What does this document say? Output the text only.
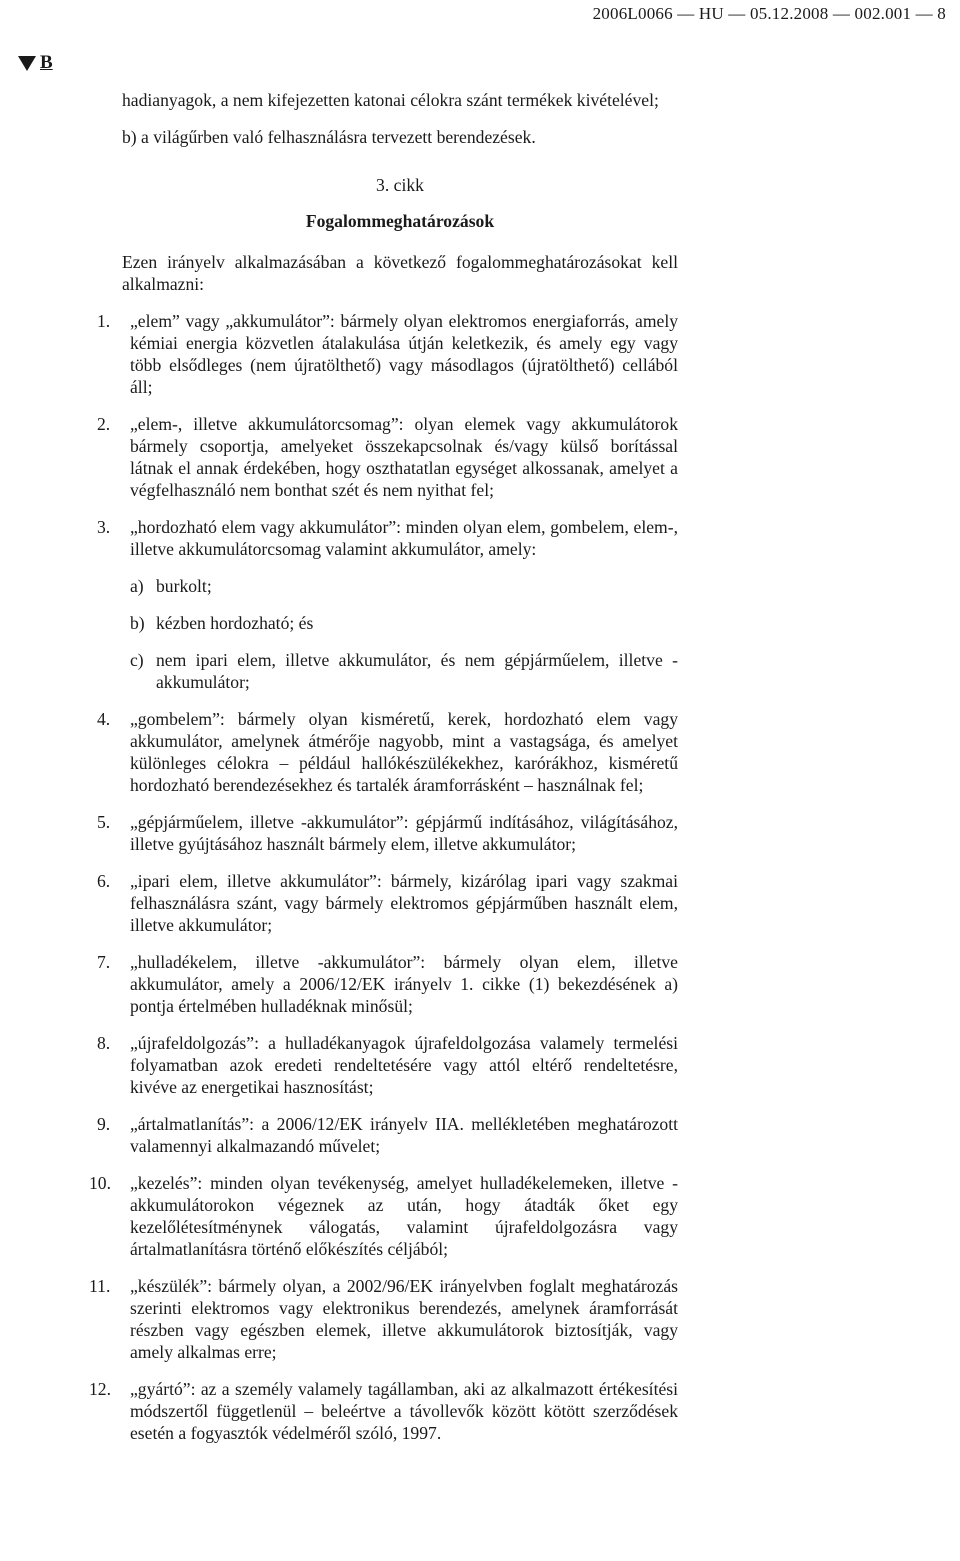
2006L0066 — HU — 05.12.2008 — 002.001 — 8
B

hadianyagok, a nem kifejezetten katonai célokra szánt termékek kivételével;

b) a világűrben való felhasználásra tervezett berendezések.

3. cikk

Fogalommeghatározások

Ezen irányelv alkalmazásában a következő fogalommeghatározásokat kell alkalmazni:

1.	„elem” vagy „akkumulátor”: bármely olyan elektromos energiaforrás, amely kémiai energia közvetlen átalakulása útján keletkezik, és amely egy vagy több elsődleges (nem újratölthető) vagy másodlagos (újratölthető) cellából áll;
2.	„elem-, illetve akkumulátorcsomag”: olyan elemek vagy akkumulátorok bármely csoportja, amelyeket összekapcsolnak és/vagy külső borítással látnak el annak érdekében, hogy oszthatatlan egységet alkossanak, amelyet a végfelhasználó nem bonthat szét és nem nyithat fel;
3.	„hordozható elem vagy akkumulátor”: minden olyan elem, gombelem, elem-, illetve akkumulátorcsomag valamint akkumulátor, amely:
a) burkolt;
b) kézben hordozható; és
c) nem ipari elem, illetve akkumulátor, és nem gépjárműelem, illetve -akkumulátor;
4.	„gombelem”: bármely olyan kisméretű, kerek, hordozható elem vagy akkumulátor, amelynek átmérője nagyobb, mint a vastagsága, és amelyet különleges célokra – például hallókészülékekhez, karórákhoz, kisméretű hordozható berendezésekhez és tartalék áramforrásként – használnak fel;
5.	„gépjárműelem, illetve -akkumulátor”: gépjármű indításához, világításához, illetve gyújtásához használt bármely elem, illetve akkumulátor;
6.	„ipari elem, illetve akkumulátor”: bármely, kizárólag ipari vagy szakmai felhasználásra szánt, vagy bármely elektromos gépjárműben használt elem, illetve akkumulátor;
7.	„hulladékelem, illetve -akkumulátor”: bármely olyan elem, illetve akkumulátor, amely a 2006/12/EK irányelv 1. cikke (1) bekezdésének a) pontja értelmében hulladéknak minősül;
8.	„újrafeldolgozás”: a hulladékanyagok újrafeldolgozása valamely termelési folyamatban azok eredeti rendeltetésére vagy attól eltérő rendeltetésre, kivéve az energetikai hasznosítást;
9.	„ártalmatlanítás”: a 2006/12/EK irányelv IIA. mellékletében meghatározott valamennyi alkalmazandó művelet;
10.	„kezelés”: minden olyan tevékenység, amelyet hulladékelemeken, illetve -akkumulátorokon végeznek az után, hogy átadták őket egy kezelőlétesítménynek válogatás, valamint újrafeldolgozásra vagy ártalmatlanításra történő előkészítés céljából;
11.	„készülék”: bármely olyan, a 2002/96/EK irányelvben foglalt meghatározás szerinti elektromos vagy elektronikus berendezés, amelynek áramforrását részben vagy egészben elemek, illetve akkumulátorok biztosítják, vagy amely alkalmas erre;
12.	„gyártó”: az a személy valamely tagállamban, aki az alkalmazott értékesítési módszertől függetlenül – beleértve a távollevők között kötött szerződések esetén a fogyasztók védelméről szóló, 1997.
